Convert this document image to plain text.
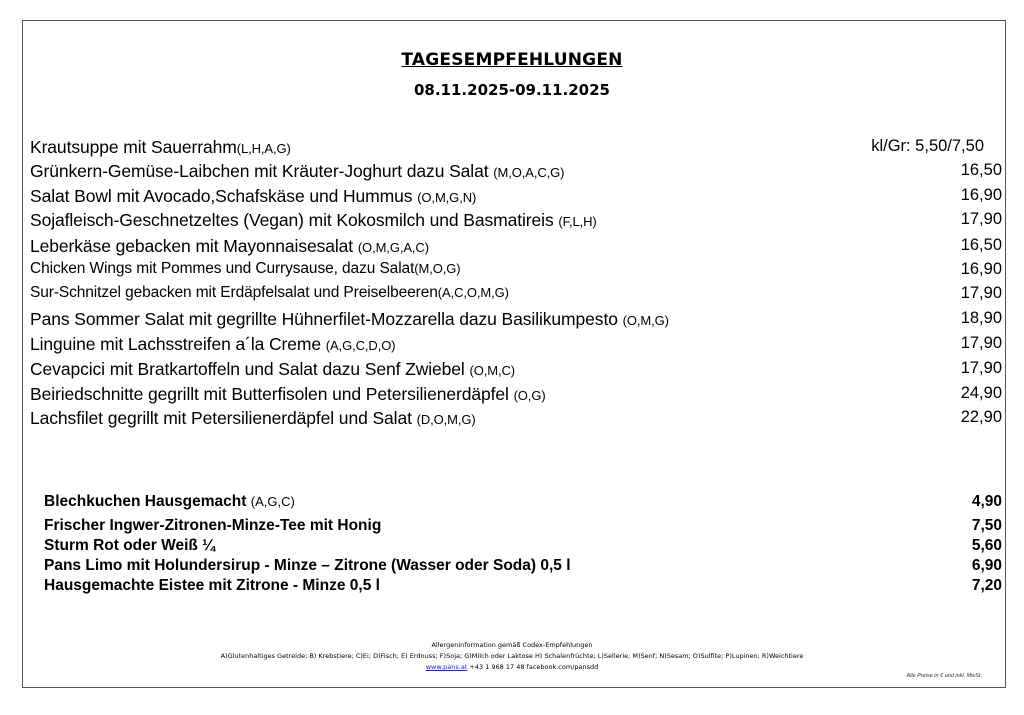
TAGESEMPFEHLUNGEN
08.11.2025-09.11.2025
Krautsuppe mit Sauerrahm(L,H,A,G)	kl/Gr: 5,50/7,50
Grünkern-Gemüse-Laibchen mit Kräuter-Joghurt dazu Salat (M,O,A,C,G)	16,50
Salat Bowl mit Avocado,Schafskäse und Hummus (O,M,G,N)	16,90
Sojafleisch-Geschnetzeltes (Vegan) mit Kokosmilch und Basmatireis (F,L,H)	17,90
Leberkäse gebacken mit Mayonnaisesalat (O,M,G,A,C)	16,50
Chicken Wings mit Pommes und Currysause, dazu Salat(M,O,G)	16,90
Sur-Schnitzel gebacken mit Erdäpfelsalat und Preiselbeeren(A,C,O,M,G)	17,90
Pans Sommer Salat mit gegrillte Hühnerfilet-Mozzarella dazu Basilikumpesto (O,M,G)	18,90
Linguine mit Lachsstreifen a´la Creme (A,G,C,D,O)	17,90
Cevapcici mit Bratkartoffeln und Salat dazu Senf Zwiebel (O,M,C)	17,90
Beiriedschnitte gegrillt mit Butterfisolen und Petersilienerdäpfel (O,G)	24,90
Lachsfilet gegrillt mit Petersilienerdäpfel und Salat (D,O,M,G)	22,90
Blechkuchen Hausgemacht (A,G,C)	4,90
Frischer Ingwer-Zitronen-Minze-Tee mit Honig	7,50
Sturm Rot oder Weiß ¼	5,60
Pans Limo mit Holundersirup - Minze – Zitrone (Wasser oder Soda) 0,5 l	6,90
Hausgemachte Eistee mit Zitrone - Minze 0,5 l	7,20
Allergeninformation gemäß Codex-Empfehlungen
A)Glutenhaltiges Getreide; B) Krebstiere; C)Ei; D)Fisch; E) Erdnuss; F)Soja; G)Milch oder Laktose H) Schalenfrüchte; L)Sellerie; M)Senf; N)Sesam; O)Sulfite; P)Lupinen; R)Weichtiere
www.pans.at +43 1 968 17 48 facebook.com/pansdd
Alle Preise in € und inkl. MwSt.
